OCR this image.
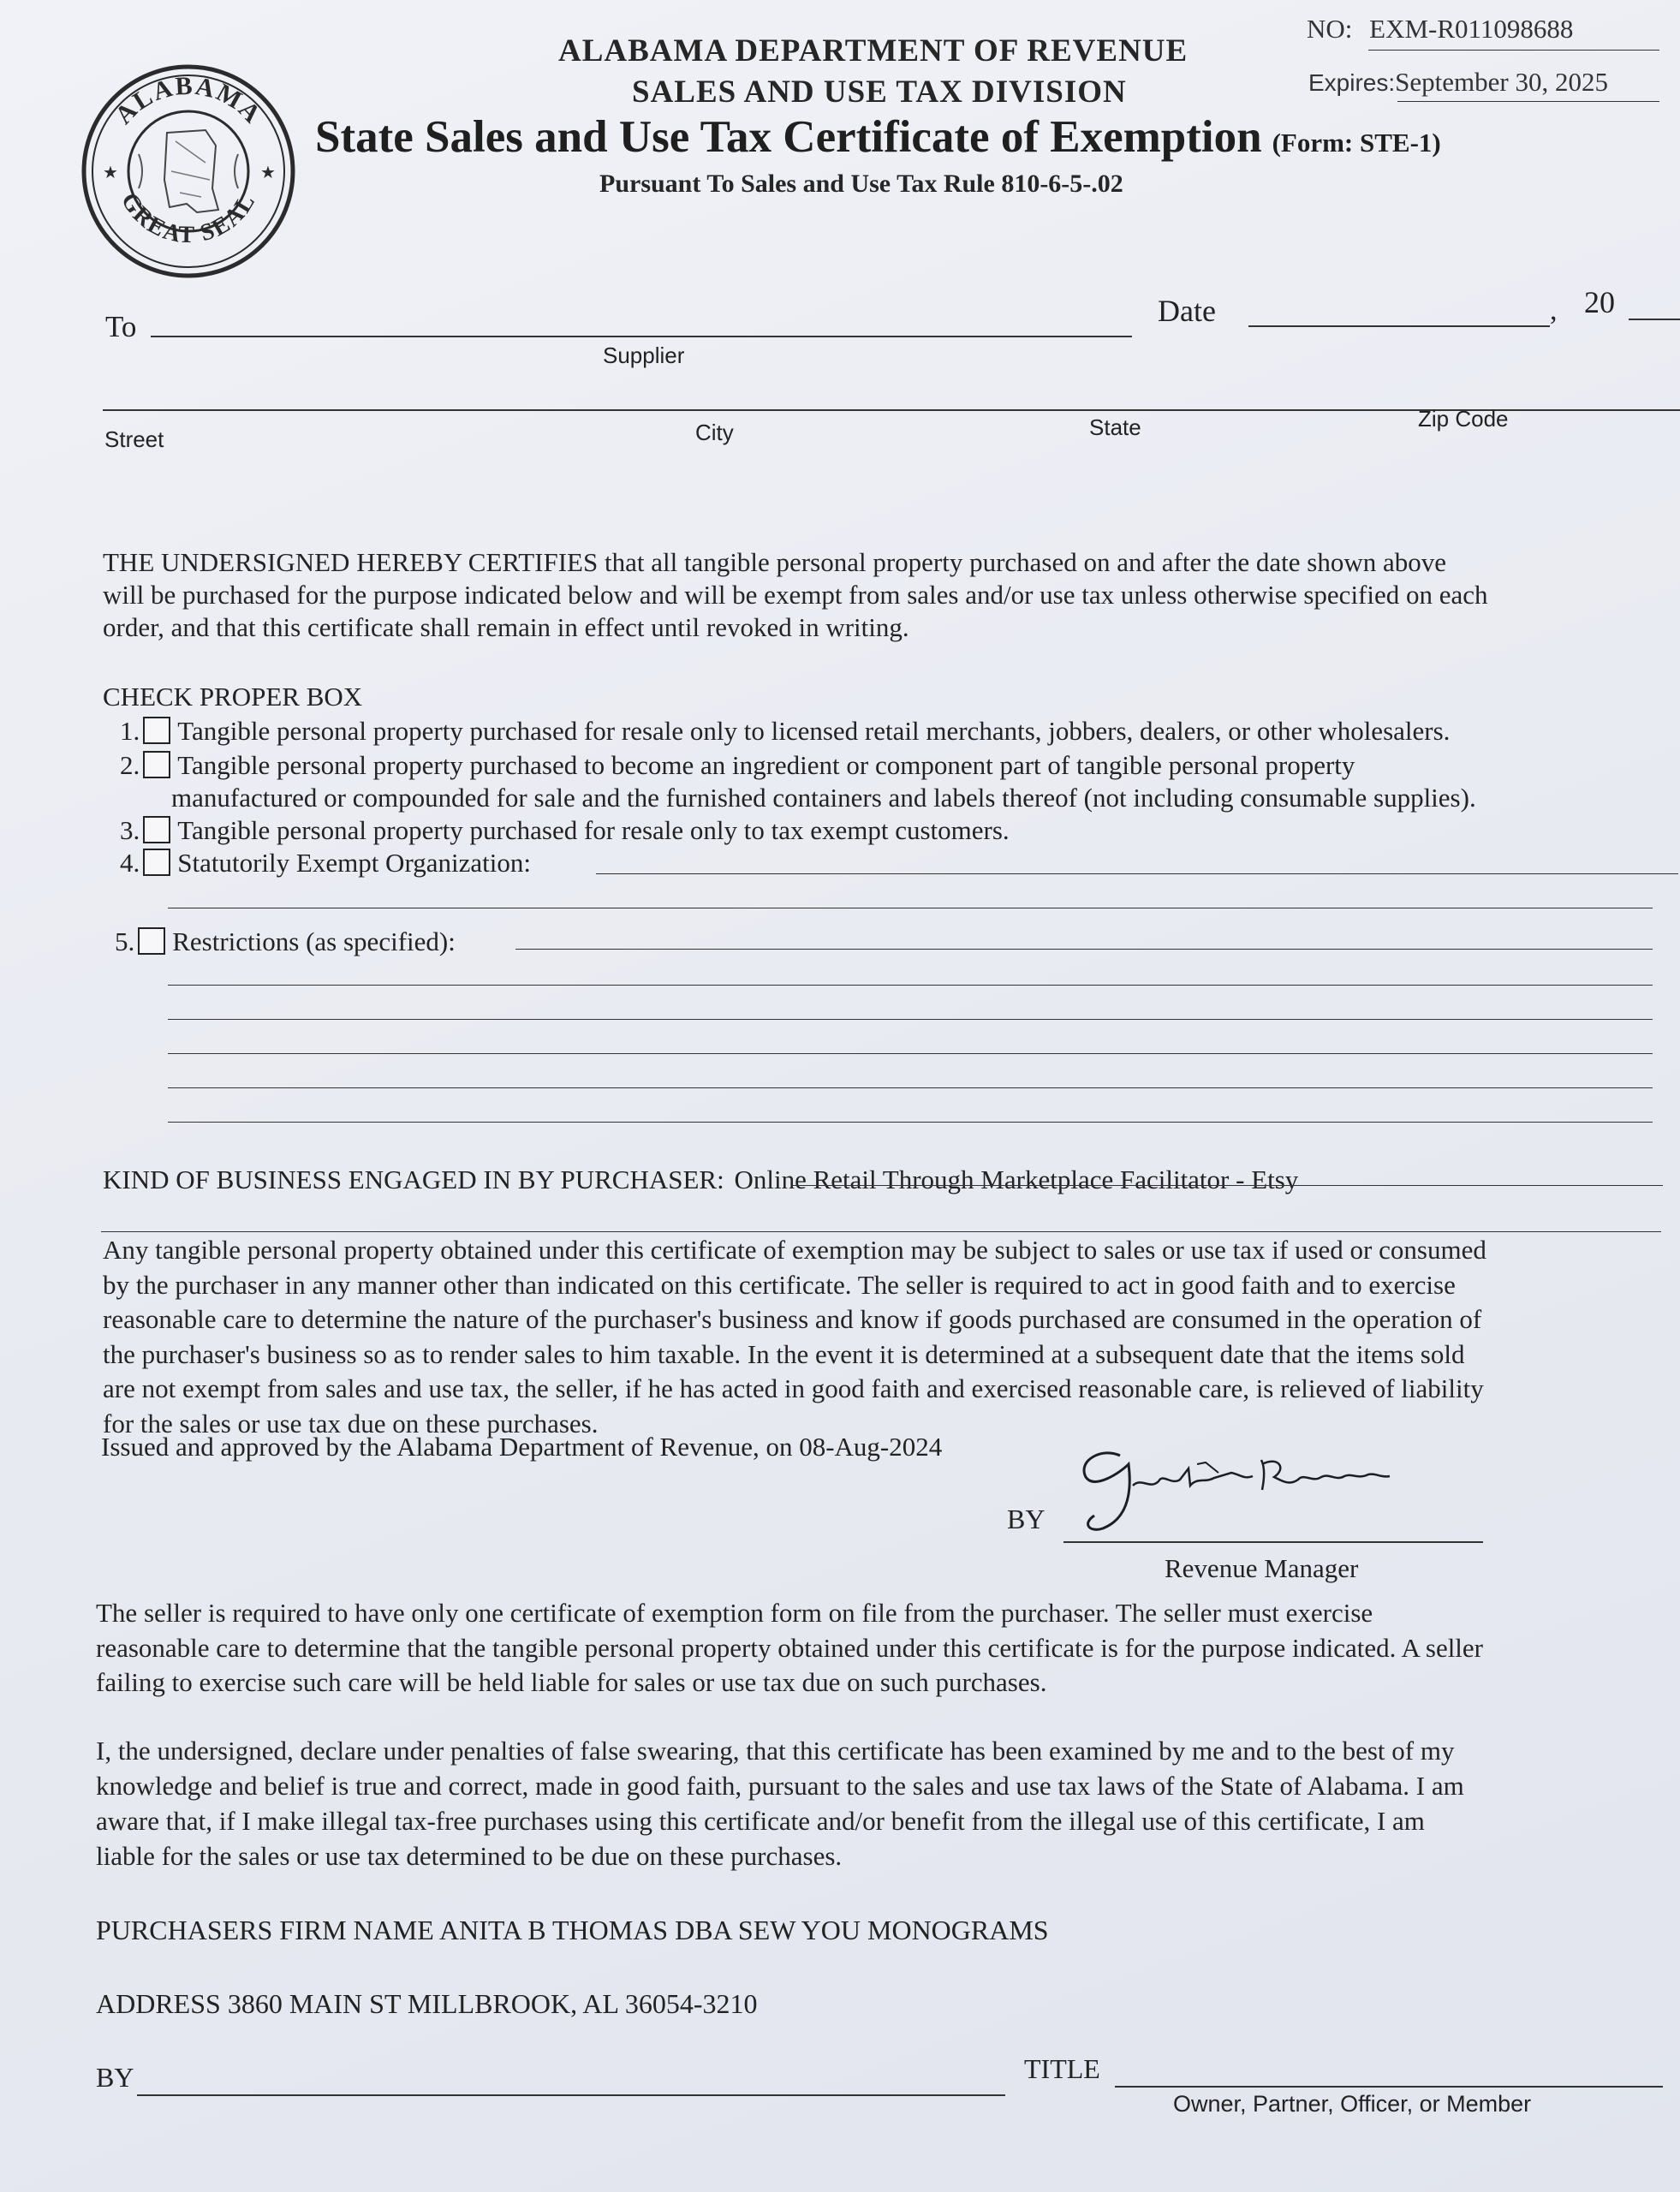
ALABAMA
GREAT SEAL
★	★
ALABAMA DEPARTMENT OF REVENUE
SALES AND USE TAX DIVISION
State Sales and Use Tax Certificate of Exemption (Form: STE-1)
Pursuant To Sales and Use Tax Rule 810-6-5-.02
NO: EXM-R011098688
Expires:September 30, 2025
To
Supplier
Date	, 20
Street	City	State	Zip Code
THE UNDERSIGNED HEREBY CERTIFIES that all tangible personal property purchased on and after the date shown above
will be purchased for the purpose indicated below and will be exempt from sales and/or use tax unless otherwise specified on each
order, and that this certificate shall remain in effect until revoked in writing.
CHECK PROPER BOX
1. Tangible personal property purchased for resale only to licensed retail merchants, jobbers, dealers, or other wholesalers.
2. Tangible personal property purchased to become an ingredient or component part of tangible personal property
manufactured or compounded for sale and the furnished containers and labels thereof (not including consumable supplies).
3. Tangible personal property purchased for resale only to tax exempt customers.
4. Statutorily Exempt Organization:
5. Restrictions (as specified):
KIND OF BUSINESS ENGAGED IN BY PURCHASER: Online Retail Through Marketplace Facilitator - Etsy
Any tangible personal property obtained under this certificate of exemption may be subject to sales or use tax if used or consumed
by the purchaser in any manner other than indicated on this certificate. The seller is required to act in good faith and to exercise
reasonable care to determine the nature of the purchaser's business and know if goods purchased are consumed in the operation of
the purchaser's business so as to render sales to him taxable. In the event it is determined at a subsequent date that the items sold
are not exempt from sales and use tax, the seller, if he has acted in good faith and exercised reasonable care, is relieved of liability
for the sales or use tax due on these purchases.
Issued and approved by the Alabama Department of Revenue, on 08-Aug-2024
BY
Revenue Manager
The seller is required to have only one certificate of exemption form on file from the purchaser. The seller must exercise
reasonable care to determine that the tangible personal property obtained under this certificate is for the purpose indicated. A seller
failing to exercise such care will be held liable for sales or use tax due on such purchases.
I, the undersigned, declare under penalties of false swearing, that this certificate has been examined by me and to the best of my
knowledge and belief is true and correct, made in good faith, pursuant to the sales and use tax laws of the State of Alabama. I am
aware that, if I make illegal tax-free purchases using this certificate and/or benefit from the illegal use of this certificate, I am
liable for the sales or use tax determined to be due on these purchases.
PURCHASERS FIRM NAME ANITA B THOMAS DBA SEW YOU MONOGRAMS
ADDRESS 3860 MAIN ST MILLBROOK, AL 36054-3210
BY	TITLE
Owner, Partner, Officer, or Member
